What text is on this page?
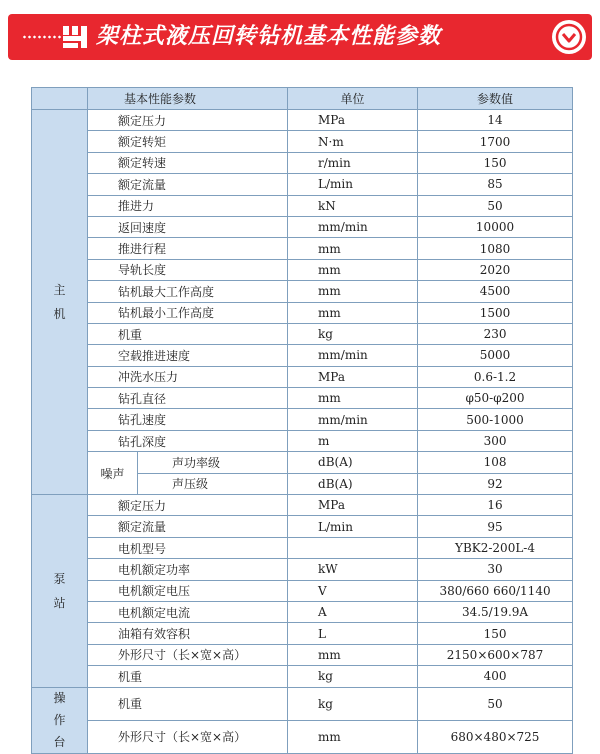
架柱式液压回转钻机基本性能参数
	基本性能参数		单位	参数值

主
机	额定压力		MPa	14
	额定转矩		N·m	1700
	额定转速		r/min	150
	额定流量		L/min	85
	推进力		kN	50
	返回速度		mm/min	10000
	推进行程		mm	1080
	导轨长度		mm	2020
	钻机最大工作高度		mm	4500
	钻机最小工作高度		mm	1500
	机重		kg	230
	空载推进速度		mm/min	5000
	冲洗水压力		MPa	0.6-1.2
	钻孔直径		mm	φ50-φ200
	钻孔速度		mm/min	500-1000
	钻孔深度		m	300
	噪声	声功率级	dB(A)	108
		声压级	dB(A)	92

泵
站	额定压力		MPa	16
	额定流量		L/min	95
	电机型号			YBK2-200L-4
	电机额定功率		kW	30
	电机额定电压		V	380/660 660/1140
	电机额定电流		A	34.5/19.9A
	油箱有效容积		L	150
	外形尺寸（长×宽×高）		mm	2150×600×787
	机重		kg	400

操
作
台	机重		kg	50
	外形尺寸（长×宽×高）		mm	680×480×725
